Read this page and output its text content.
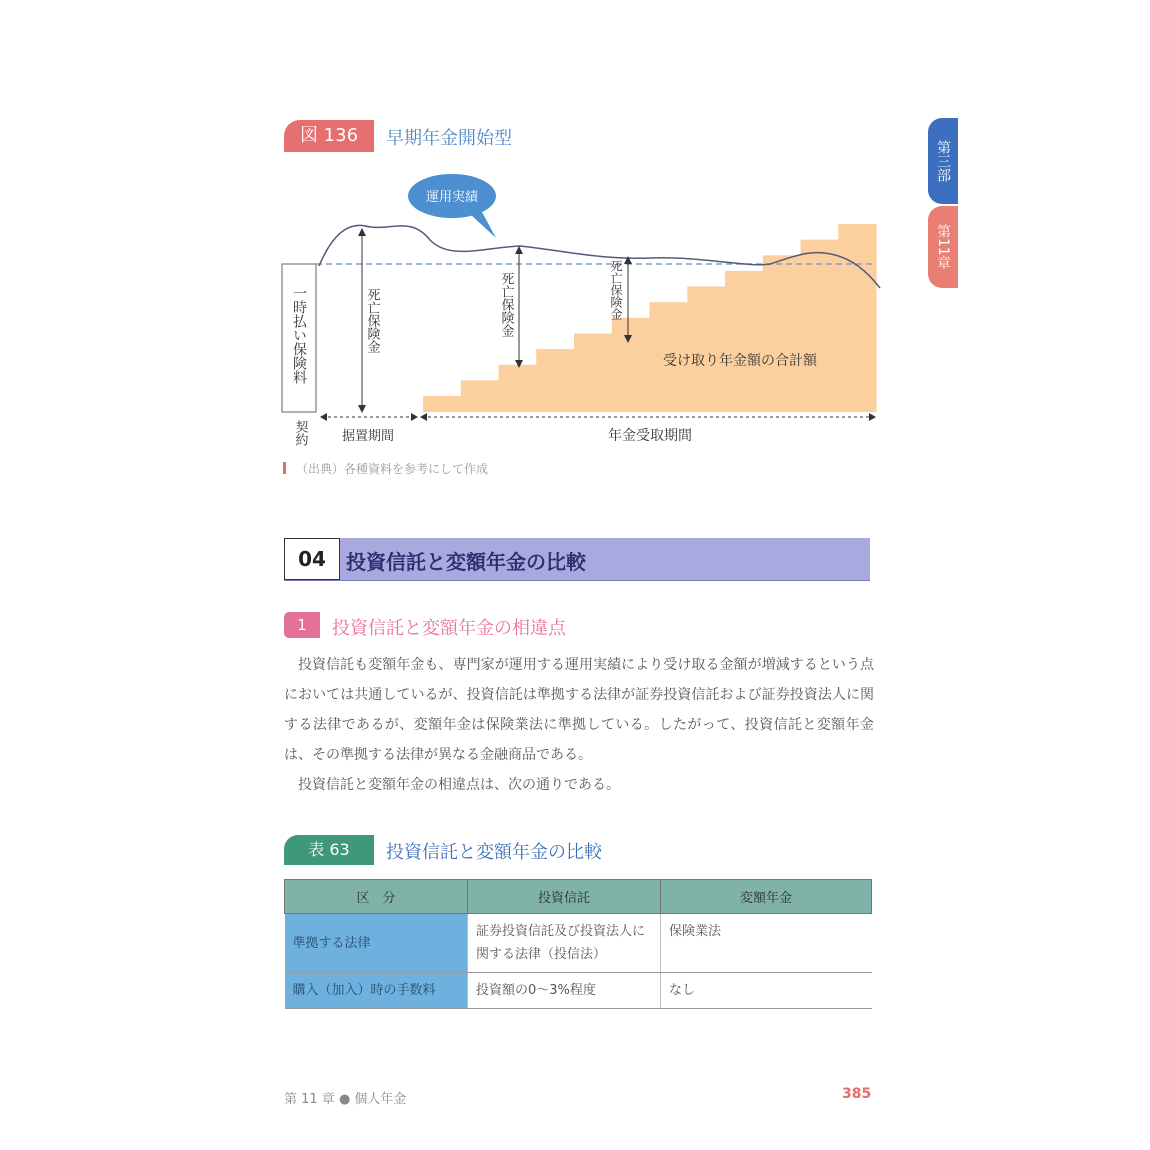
図 136	早期年金開始型
第三部
第11章
一時払い保険料
運用実績
死亡保険金	死亡保険金	死亡保険金
受け取り年金額の合計額
契約	据置期間	年金受取期間
（出典）各種資料を参考にして作成
04	投資信託と変額年金の比較
1	投資信託と変額年金の相違点

投資信託も変額年金も、専門家が運用する運用実績により受け取る金額が増減するという点においては共通しているが、投資信託は準拠する法律が証券投資信託および証券投資法人に関する法律であるが、変額年金は保険業法に準拠している。したがって、投資信託と変額年金は、その準拠する法律が異なる金融商品である。

投資信託と変額年金の相違点は、次の通りである。

表 63	投資信託と変額年金の比較
区　分	投資信託	変額年金
準拠する法律	証券投資信託及び投資法人に関する法律（投信法）	保険業法
購入（加入）時の手数料	投資額の0〜3%程度	なし
第 11 章 ● 個人年金	385
